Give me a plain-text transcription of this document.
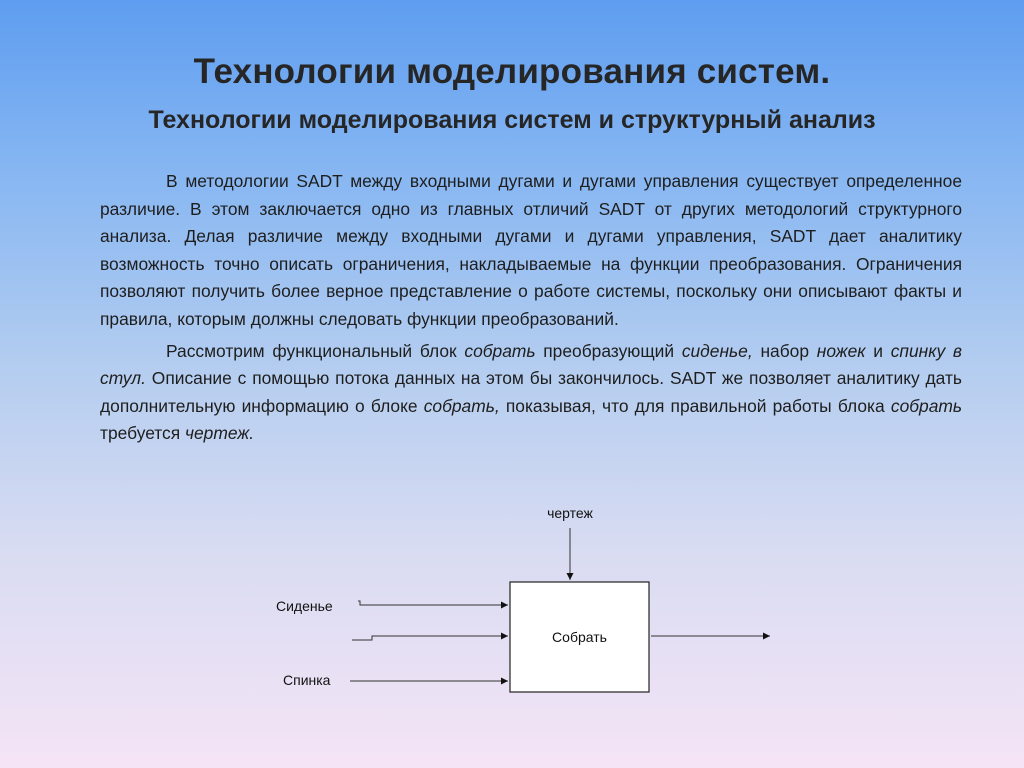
Технологии моделирования систем.
Технологии моделирования систем и структурный анализ

В методологии SADT между входными дугами и дугами управления существует определенное различие. В этом заключается одно из главных отличий SADT от других методологий структурного анализа. Делая различие между входными дугами и дугами управления, SADT дает аналитику возможность точно описать ограничения, накладываемые на функции преобразования. Ограничения позволяют получить более верное представление о работе системы, поскольку они описывают факты и правила, которым должны следовать функции преобразований.

Рассмотрим функциональный блок собрать преобразующий сиденье, набор ножек и спинку в стул. Описание с помощью потока данных на этом бы закончилось. SADT же позволяет аналитику дать дополнительную информацию о блоке собрать, показывая, что для правильной работы блока собрать требуется чертеж.

Собрать
чертеж
Сиденье
Спинка
